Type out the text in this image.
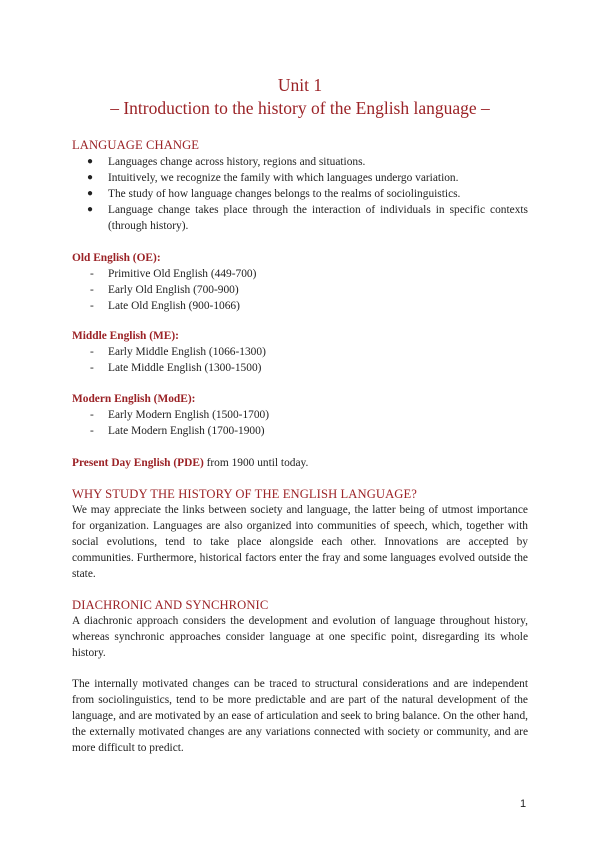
Unit 1
– Introduction to the history of the English language –
LANGUAGE CHANGE
● Languages change across history, regions and situations.
● Intuitively, we recognize the family with which languages undergo variation.
● The study of how language changes belongs to the realms of sociolinguistics.
● Language change takes place through the interaction of individuals in specific contexts (through history).
Old English (OE):
- Primitive Old English (449-700)
- Early Old English (700-900)
- Late Old English (900-1066)
Middle English (ME):
- Early Middle English (1066-1300)
- Late Middle English (1300-1500)
Modern English (ModE):
- Early Modern English (1500-1700)
- Late Modern English (1700-1900)
Present Day English (PDE) from 1900 until today.
WHY STUDY THE HISTORY OF THE ENGLISH LANGUAGE?

We may appreciate the links between society and language, the latter being of utmost importance for organization. Languages are also organized into communities of speech, which, together with social evolutions, tend to take place alongside each other. Innovations are accepted by communities. Furthermore, historical factors enter the fray and some languages evolved outside the state.

DIACHRONIC AND SYNCHRONIC

A diachronic approach considers the development and evolution of language throughout history, whereas synchronic approaches consider language at one specific point, disregarding its whole history.

The internally motivated changes can be traced to structural considerations and are independent from sociolinguistics, tend to be more predictable and are part of the natural development of the language, and are motivated by an ease of articulation and seek to bring balance. On the other hand, the externally motivated changes are any variations connected with society or community, and are more difficult to predict.

1
